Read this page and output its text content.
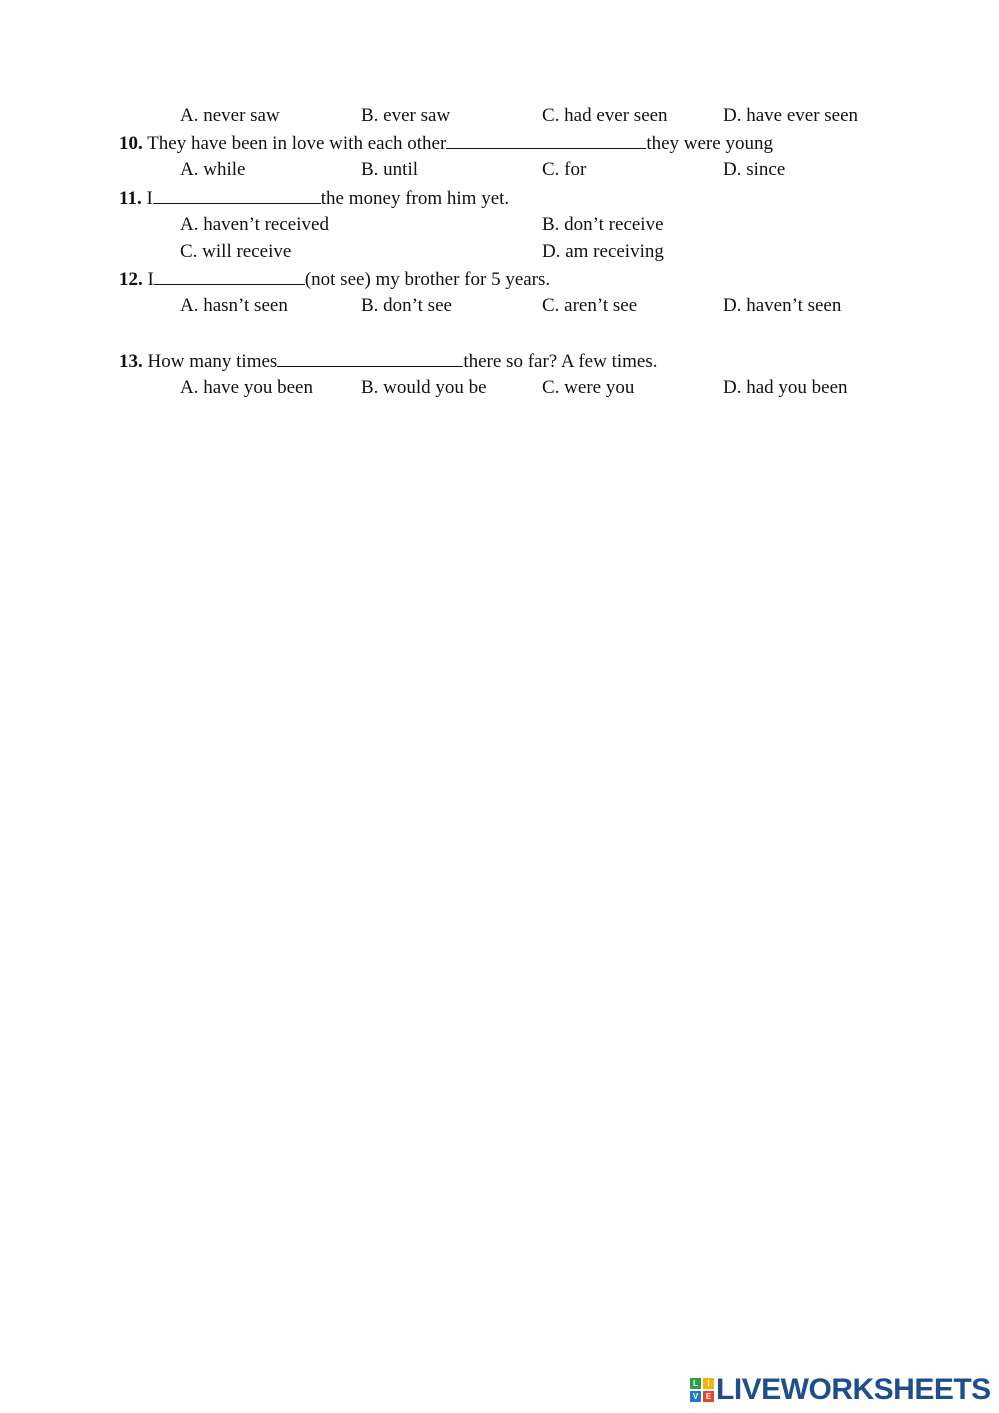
A. never saw	B. ever saw	C. had ever seen	D. have ever seen
10. They have been in love with each other	they were young
A. while	B. until	C. for	D. since
11. I	the money from him yet.
A. haven’t received	B. don’t receive
C. will receive	D. am receiving
12. I	(not see) my brother for 5 years.
A. hasn’t seen	B. don’t see	C. aren’t see	D. haven’t seen
13. How many times	there so far? A few times.
A. have you been	B. would you be	C. were you	D. had you been
L	I
V E LIVEWORKSHEETS
